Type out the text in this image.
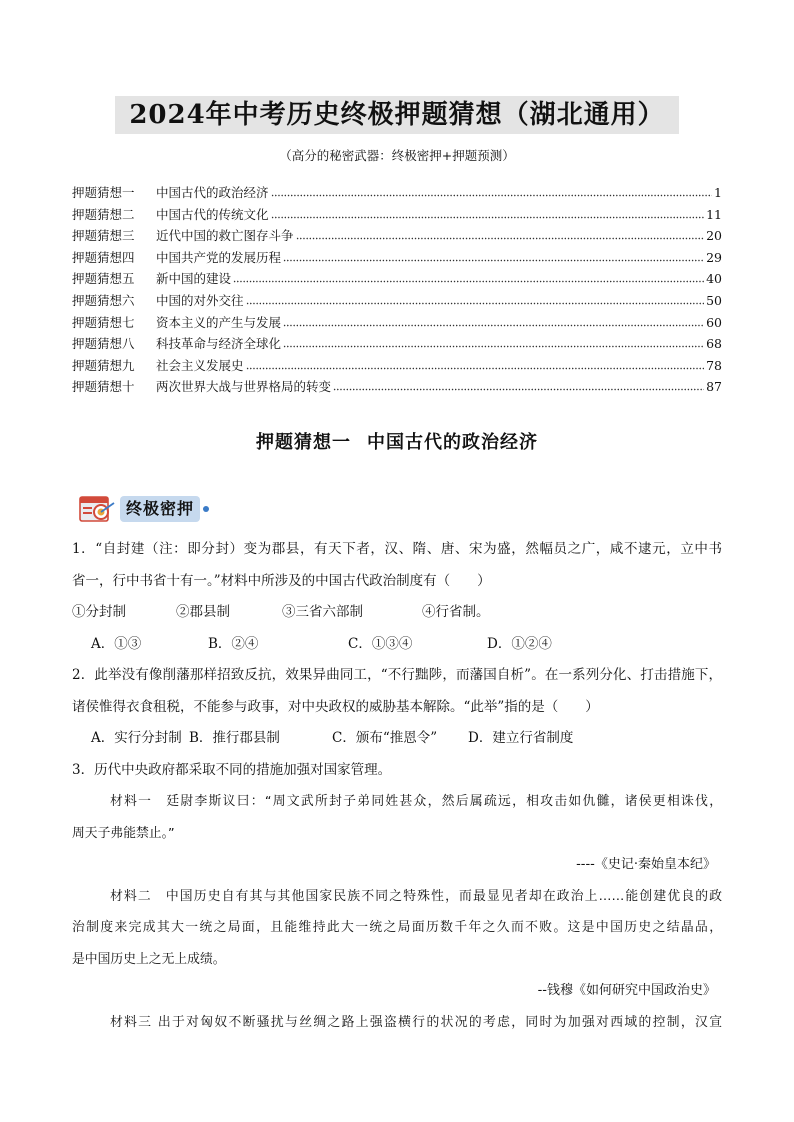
2024年中考历史终极押题猜想（湖北通用）
（高分的秘密武器：终极密押+押题预测）
押题猜想一	中国古代的政治经济	1
押题猜想二	中国古代的传统文化	11
押题猜想三	近代中国的救亡图存斗争	20
押题猜想四	中国共产党的发展历程	29
押题猜想五	新中国的建设	40
押题猜想六	中国的对外交往	50
押题猜想七	资本主义的产生与发展	60
押题猜想八	科技革命与经济全球化	68
押题猜想九	社会主义发展史	78
押题猜想十	两次世界大战与世界格局的转变	87
押题猜想一 中国古代的政治经济
终极密押
1．“自封建（注：即分封）变为郡县，有天下者，汉、隋、唐、宋为盛，然幅员之广，咸不逮元，立中书
省一，行中书省十有一。”材料中所涉及的中国古代政治制度有（　　）
①分封制	②郡县制	③三省六部制	④行省制。
A．①③	B．②④	C．①③④	D．①②④
2．此举没有像削藩那样招致反抗，效果异曲同工，“不行黜陟，而藩国自析”。在一系列分化、打击措施下，
诸侯惟得衣食租税，不能参与政事，对中央政权的威胁基本解除。“此举”指的是（　　）
A．实行分封制 B．推行郡县制	C．颁布“推恩令”	D．建立行省制度
3．历代中央政府都采取不同的措施加强对国家管理。
材料一　廷尉李斯议曰：“周文武所封子弟同姓甚众，然后属疏远，相攻击如仇雠，诸侯更相诛伐，
周天子弗能禁止。”
----《史记·秦始皇本纪》
材料二　中国历史自有其与其他国家民族不同之特殊性，而最显见者却在政治上……能创建优良的政
治制度来完成其大一统之局面，且能维持此大一统之局面历数千年之久而不败。这是中国历史之结晶品，
是中国历史上之无上成绩。
--钱穆《如何研究中国政治史》
材料三 出于对匈奴不断骚扰与丝绸之路上强盗横行的状况的考虑，同时为加强对西域的控制，汉宣
